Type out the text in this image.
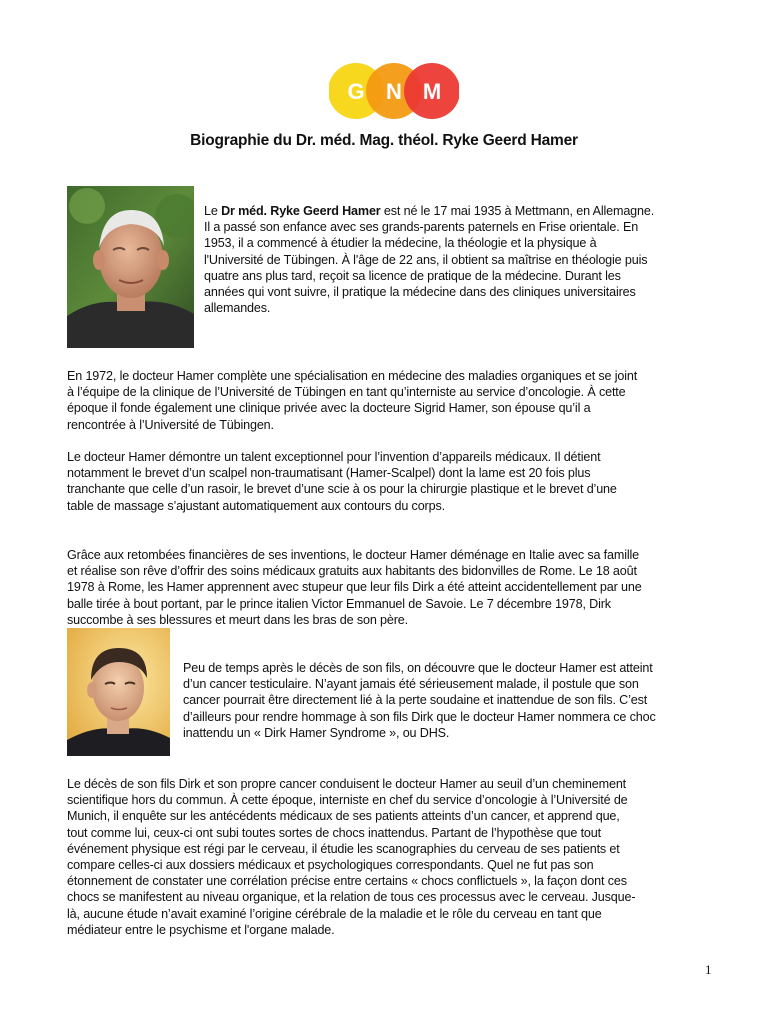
G N M
Biographie du Dr. méd. Mag. théol. Ryke Geerd Hamer

Le Dr méd. Ryke Geerd Hamer est né le 17 mai 1935 à Mettmann, en Allemagne.
Il a passé son enfance avec ses grands-parents paternels en Frise orientale. En
1953, il a commencé à étudier la médecine, la théologie et la physique à
l'Université de Tübingen. À l'âge de 22 ans, il obtient sa maîtrise en théologie puis
quatre ans plus tard, reçoit sa licence de pratique de la médecine. Durant les
années qui vont suivre, il pratique la médecine dans des cliniques universitaires
allemandes.

En 1972, le docteur Hamer complète une spécialisation en médecine des maladies organiques et se joint
à l’équipe de la clinique de l’Université de Tübingen en tant qu’interniste au service d’oncologie. À cette
époque il fonde également une clinique privée avec la docteure Sigrid Hamer, son épouse qu’il a
rencontrée à l’Université de Tübingen.

Le docteur Hamer démontre un talent exceptionnel pour l’invention d’appareils médicaux. Il détient
notamment le brevet d’un scalpel non-traumatisant (Hamer-Scalpel) dont la lame est 20 fois plus
tranchante que celle d’un rasoir, le brevet d’une scie à os pour la chirurgie plastique et le brevet d’une
table de massage s’ajustant automatiquement aux contours du corps.

Grâce aux retombées financières de ses inventions, le docteur Hamer déménage en Italie avec sa famille
et réalise son rêve d’offrir des soins médicaux gratuits aux habitants des bidonvilles de Rome. Le 18 août
1978 à Rome, les Hamer apprennent avec stupeur que leur fils Dirk a été atteint accidentellement par une
balle tirée à bout portant, par le prince italien Victor Emmanuel de Savoie. Le 7 décembre 1978, Dirk
succombe à ses blessures et meurt dans les bras de son père.

Peu de temps après le décès de son fils, on découvre que le docteur Hamer est atteint
d’un cancer testiculaire. N’ayant jamais été sérieusement malade, il postule que son
cancer pourrait être directement lié à la perte soudaine et inattendue de son fils. C’est
d’ailleurs pour rendre hommage à son fils Dirk que le docteur Hamer nommera ce choc
inattendu un « Dirk Hamer Syndrome », ou DHS.

Le décès de son fils Dirk et son propre cancer conduisent le docteur Hamer au seuil d’un cheminement
scientifique hors du commun. À cette époque, interniste en chef du service d’oncologie à l’Université de
Munich, il enquête sur les antécédents médicaux de ses patients atteints d’un cancer, et apprend que,
tout comme lui, ceux-ci ont subi toutes sortes de chocs inattendus. Partant de l’hypothèse que tout
événement physique est régi par le cerveau, il étudie les scanographies du cerveau de ses patients et
compare celles-ci aux dossiers médicaux et psychologiques correspondants. Quel ne fut pas son
étonnement de constater une corrélation précise entre certains « chocs conflictuels », la façon dont ces
chocs se manifestent au niveau organique, et la relation de tous ces processus avec le cerveau. Jusque-
là, aucune étude n’avait examiné l’origine cérébrale de la maladie et le rôle du cerveau en tant que
médiateur entre le psychisme et l'organe malade.

1
